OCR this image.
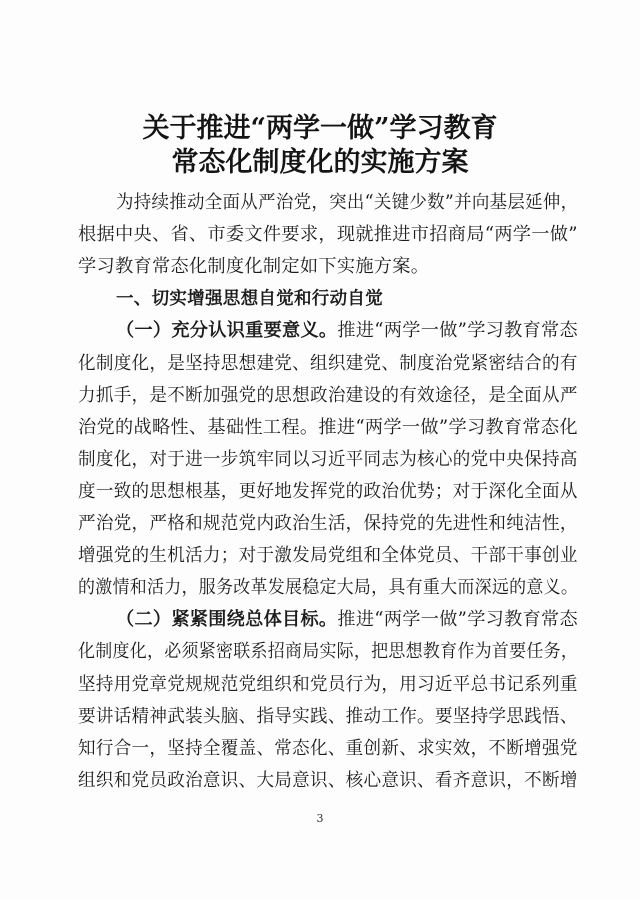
关于推进“两学一做”学习教育
常态化制度化的实施方案
为持续推动全面从严治党，突出“关键少数”并向基层延伸，
根据中央、省、市委文件要求，现就推进市招商局“两学一做”
学习教育常态化制度化制定如下实施方案。
一、切实增强思想自觉和行动自觉
（一）充分认识重要意义。推进“两学一做”学习教育常态
化制度化，是坚持思想建党、组织建党、制度治党紧密结合的有
力抓手，是不断加强党的思想政治建设的有效途径，是全面从严
治党的战略性、基础性工程。推进“两学一做”学习教育常态化
制度化，对于进一步筑牢同以习近平同志为核心的党中央保持高
度一致的思想根基，更好地发挥党的政治优势；对于深化全面从
严治党，严格和规范党内政治生活，保持党的先进性和纯洁性，
增强党的生机活力；对于激发局党组和全体党员、干部干事创业
的激情和活力，服务改革发展稳定大局，具有重大而深远的意义。
（二）紧紧围绕总体目标。推进“两学一做”学习教育常态
化制度化，必须紧密联系招商局实际，把思想教育作为首要任务，
坚持用党章党规规范党组织和党员行为，用习近平总书记系列重
要讲话精神武装头脑、指导实践、推动工作。要坚持学思践悟、
知行合一，坚持全覆盖、常态化、重创新、求实效，不断增强党
组织和党员政治意识、大局意识、核心意识、看齐意识，不断增
3
